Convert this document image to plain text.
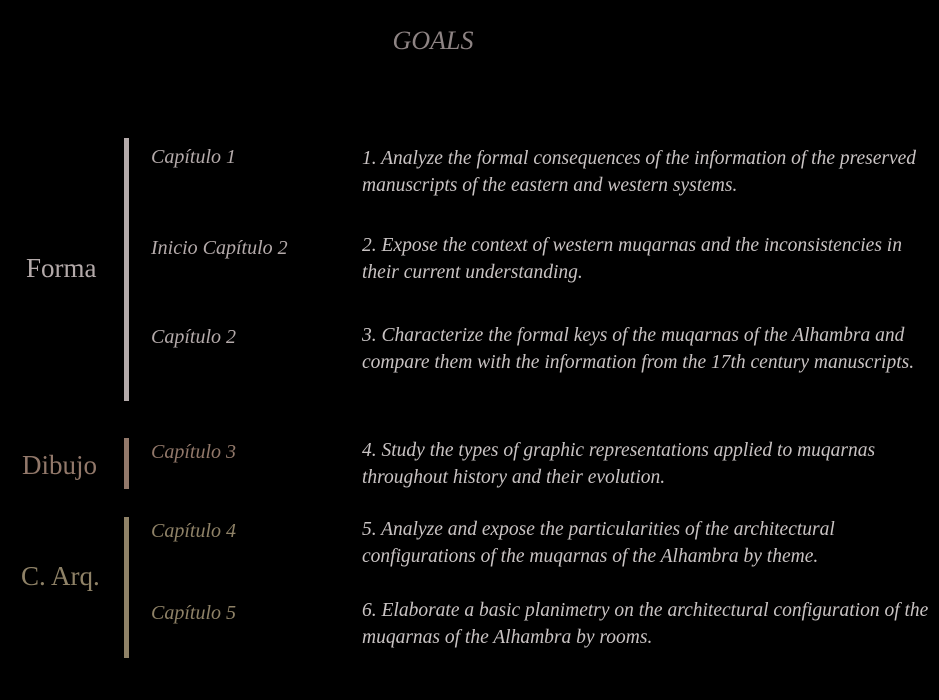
GOALS
Forma
Dibujo
C. Arq.
Capítulo 1
Inicio Capítulo 2
Capítulo 2
Capítulo 3
Capítulo 4
Capítulo 5
1. Analyze the formal consequences of the information of the preserved manuscripts of the eastern and western systems.
2. Expose the context of western muqarnas and the inconsistencies in their current understanding.
3. Characterize the formal keys of the muqarnas of the Alhambra and compare them with the information from the 17th century manuscripts.
4. Study the types of graphic representations applied to muqarnas throughout history and their evolution.
5. Analyze and expose the particularities of the architectural configurations of the muqarnas of the Alhambra by theme.
6. Elaborate a basic planimetry on the architectural configuration of the muqarnas of the Alhambra by rooms.
